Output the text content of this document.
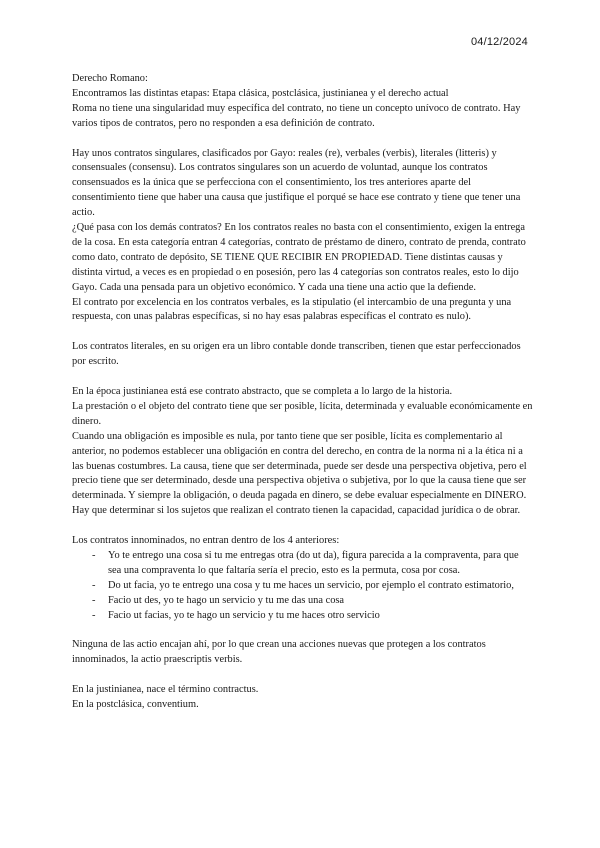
04/12/2024

Derecho Romano:

Encontramos las distintas etapas: Etapa clásica, postclásica, justinianea y el derecho actual

Roma no tiene una singularidad muy específica del contrato, no tiene un concepto unívoco de contrato. Hay varios tipos de contratos, pero no responden a esa definición de contrato.

Hay unos contratos singulares, clasificados por Gayo: reales (re), verbales (verbis), literales (litteris) y consensuales (consensu). Los contratos singulares son un acuerdo de voluntad, aunque los contratos consensuados es la única que se perfecciona con el consentimiento, los tres anteriores aparte del consentimiento tiene que haber una causa que justifique el porqué se hace ese contrato y tiene que tener una actio.

¿Qué pasa con los demás contratos? En los contratos reales no basta con el consentimiento, exigen la entrega de la cosa. En esta categoría entran 4 categorías, contrato de préstamo de dinero, contrato de prenda, contrato como dato, contrato de depósito, SE TIENE QUE RECIBIR EN PROPIEDAD. Tiene distintas causas y distinta virtud, a veces es en propiedad o en posesión, pero las 4 categorías son contratos reales, esto lo dijo Gayo. Cada una pensada para un objetivo económico. Y cada una tiene una actio que la defiende.

El contrato por excelencia en los contratos verbales, es la stipulatio (el intercambio de una pregunta y una respuesta, con unas palabras específicas, si no hay esas palabras específicas el contrato es nulo).

Los contratos literales, en su origen era un libro contable donde transcriben, tienen que estar perfeccionados por escrito.

En la época justinianea está ese contrato abstracto, que se completa a lo largo de la historia.

La prestación o el objeto del contrato tiene que ser posible, lícita, determinada y evaluable económicamente en dinero.

Cuando una obligación es imposible es nula, por tanto tiene que ser posible, lícita es complementario al anterior, no podemos establecer una obligación en contra del derecho, en contra de la norma ni a la ética ni a las buenas costumbres. La causa, tiene que ser determinada, puede ser desde una perspectiva objetiva, pero el precio tiene que ser determinado, desde una perspectiva objetiva o subjetiva, por lo que la causa tiene que ser determinada. Y siempre la obligación, o deuda pagada en dinero, se debe evaluar especialmente en DINERO.

Hay que determinar si los sujetos que realizan el contrato tienen la capacidad, capacidad jurídica o de obrar.

Los contratos innominados, no entran dentro de los 4 anteriores:

- Yo te entrego una cosa si tu me entregas otra (do ut da), figura parecida a la compraventa, para que sea una compraventa lo que faltaría sería el precio, esto es la permuta, cosa por cosa.
- Do ut facia, yo te entrego una cosa y tu me haces un servicio, por ejemplo el contrato estimatorio,
- Facio ut des, yo te hago un servicio y tu me das una cosa
- Facio ut facias, yo te hago un servicio y tu me haces otro servicio

Ninguna de las actio encajan ahí, por lo que crean una acciones nuevas que protegen a los contratos innominados, la actio praescriptis verbis.

En la justinianea, nace el término contractus.

En la postclásica, conventium.
